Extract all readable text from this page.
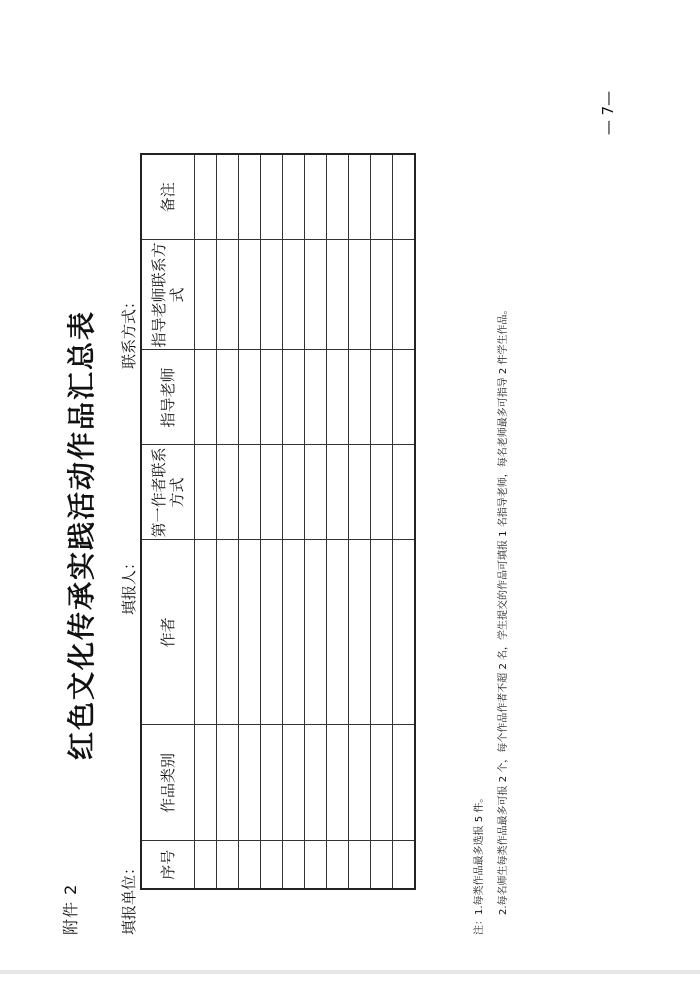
附件 2
红色文化传承实践活动作品汇总表
填报单位：
填报人：
联系方式：
序号	作品类别	作者	第一作者联系方式	指导老师	指导老师联系方式	备注

注：1.每类作品最多选报 5 件。	2.每名师生每类作品最多可报 2 个，每个作品作者不超 2 名，学生提交的作品可填报 1 名指导老师，每名老师最多可指导 2 件学生作品。
— 7—
